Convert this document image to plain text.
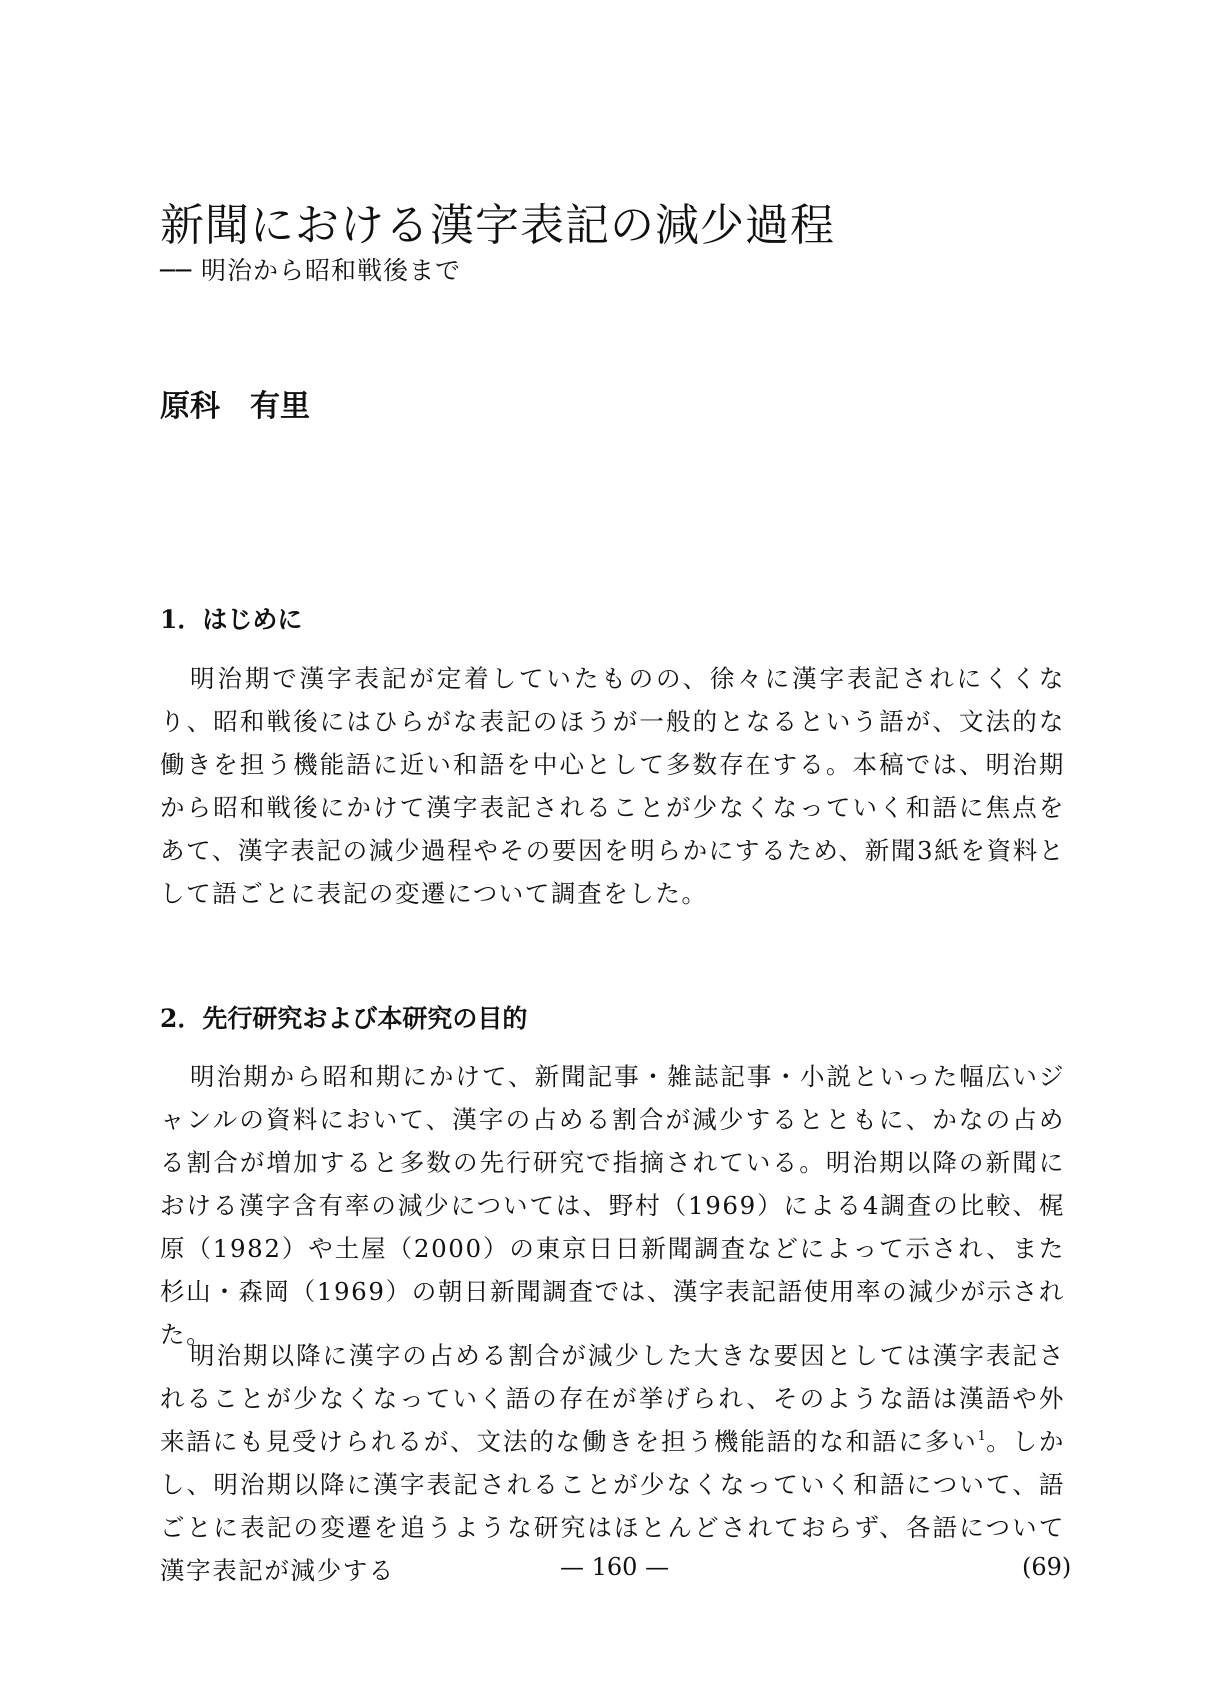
新聞における漢字表記の減少過程

── 明治から昭和戦後まで

原科　有里

1．はじめに

明治期で漢字表記が定着していたものの、徐々に漢字表記されにくくなり、昭和戦後にはひらがな表記のほうが一般的となるという語が、文法的な働きを担う機能語に近い和語を中心として多数存在する。本稿では、明治期から昭和戦後にかけて漢字表記されることが少なくなっていく和語に焦点をあて、漢字表記の減少過程やその要因を明らかにするため、新聞3紙を資料として語ごとに表記の変遷について調査をした。

2．先行研究および本研究の目的

明治期から昭和期にかけて、新聞記事・雑誌記事・小説といった幅広いジャンルの資料において、漢字の占める割合が減少するとともに、かなの占める割合が増加すると多数の先行研究で指摘されている。明治期以降の新聞における漢字含有率の減少については、野村（1969）による4調査の比較、梶原（1982）や土屋（2000）の東京日日新聞調査などによって示され、また杉山・森岡（1969）の朝日新聞調査では、漢字表記語使用率の減少が示された。

明治期以降に漢字の占める割合が減少した大きな要因としては漢字表記されることが少なくなっていく語の存在が挙げられ、そのような語は漢語や外来語にも見受けられるが、文法的な働きを担う機能語的な和語に多い$^1$。しかし、明治期以降に漢字表記されることが少なくなっていく和語について、語ごとに表記の変遷を追うような研究はほとんどされておらず、各語について漢字表記が減少する	— 160 —	(69)
